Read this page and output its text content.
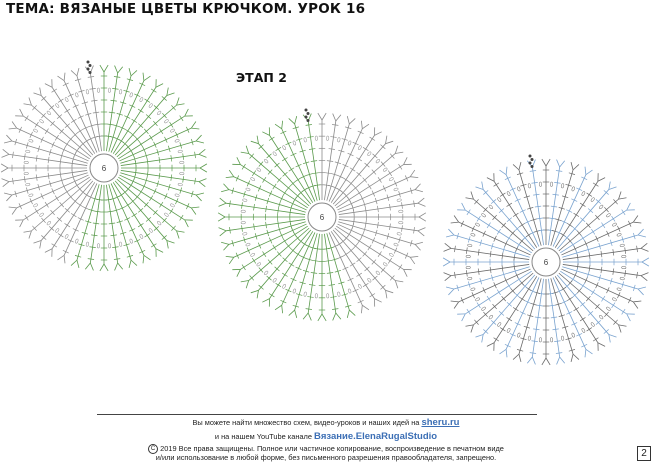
ТЕМА: ВЯЗАНЫЕ ЦВЕТЫ КРЮЧКОМ. УРОК 16
ЭТАП 2
6
6
6
Вы можете найти множество схем, видео-уроков и наших идей на sheru.ru
и на нашем YouTube канале Вязание.ElenaRugalStudio
C 2019 Все права защищены. Полное или частичное копирование, воспроизведение в печатном виде
и/или использование в любой форме, без письменного разрешения правообладателя, запрещено.	2
